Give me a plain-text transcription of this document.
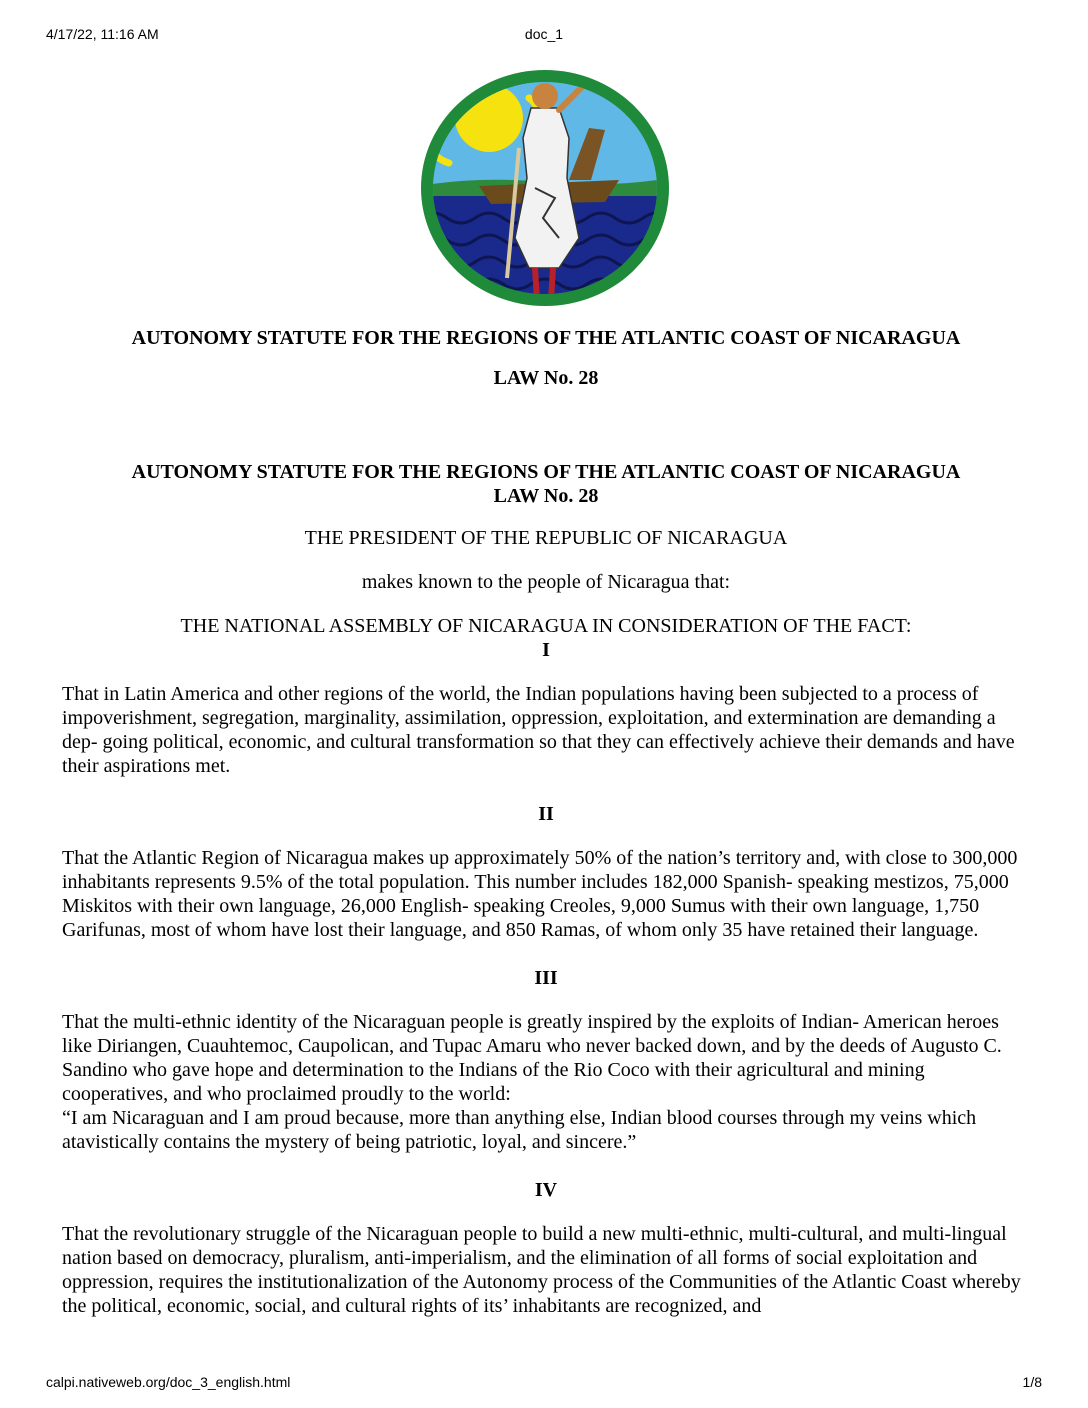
4/17/22, 11:16 AM	doc_1

AUTONOMY STATUTE FOR THE REGIONS OF THE ATLANTIC COAST OF NICARAGUA

LAW No. 28

AUTONOMY STATUTE FOR THE REGIONS OF THE ATLANTIC COAST OF NICARAGUA

LAW No. 28

THE PRESIDENT OF THE REPUBLIC OF NICARAGUA

makes known to the people of Nicaragua that:

THE NATIONAL ASSEMBLY OF NICARAGUA IN CONSIDERATION OF THE FACT:

I

That in Latin America and other regions of the world, the Indian populations having been subjected to a process of impoverishment, segregation, marginality, assimilation, oppression, exploitation, and extermination are demanding a dep- going political, economic, and cultural transformation so that they can effectively achieve their demands and have their aspirations met.

II

That the Atlantic Region of Nicaragua makes up approximately 50% of the nation’s territory and, with close to 300,000 inhabitants represents 9.5% of the total population. This number includes 182,000 Spanish- speaking mestizos, 75,000 Miskitos with their own language, 26,000 English- speaking Creoles, 9,000 Sumus with their own language, 1,750 Garifunas, most of whom have lost their language, and 850 Ramas, of whom only 35 have retained their language.

III

That the multi-ethnic identity of the Nicaraguan people is greatly inspired by the exploits of Indian- American heroes like Diriangen, Cuauhtemoc, Caupolican, and Tupac Amaru who never backed down, and by the deeds of Augusto C. Sandino who gave hope and determination to the Indians of the Rio Coco with their agricultural and mining cooperatives, and who proclaimed proudly to the world:

“I am Nicaraguan and I am proud because, more than anything else, Indian blood courses through my veins which atavistically contains the mystery of being patriotic, loyal, and sincere.”

IV

That the revolutionary struggle of the Nicaraguan people to build a new multi-ethnic, multi-cultural, and multi-lingual nation based on democracy, pluralism, anti-imperialism, and the elimination of all forms of social exploitation and oppression, requires the institutionalization of the Autonomy process of the Communities of the Atlantic Coast whereby the political, economic, social, and cultural rights of its’ inhabitants are recognized, and

calpi.nativeweb.org/doc_3_english.html	1/8
